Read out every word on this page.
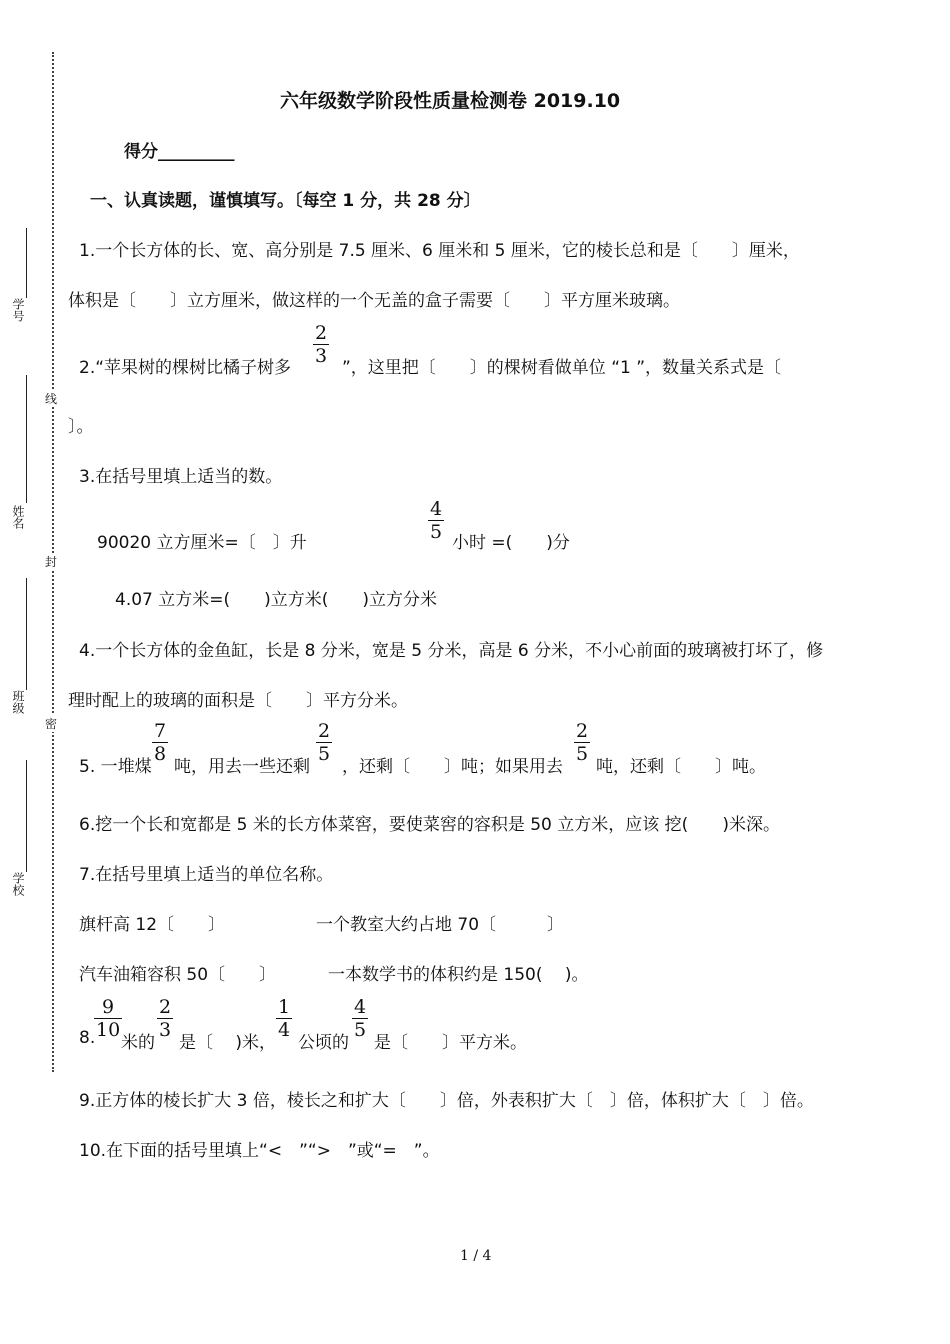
学号
姓名
班级
学校
线
封
密
六年级数学阶段性质量检测卷 2019.10
得分_________
一、认真读题，谨慎填写。〔每空 1 分，共 28 分〕
1.一个长方体的长、宽、高分别是 7.5 厘米、6 厘米和 5 厘米，它的棱长总和是〔　　〕厘米，
体积是〔　　〕立方厘米，做这样的一个无盖的盒子需要〔　　〕平方厘米玻璃。
2.“苹果树的棵树比橘子树多
$\frac{2}{3}$
”，这里把〔　　〕的棵树看做单位 “1 ”，数量关系式是〔
〕。
3.在括号里填上适当的数。
90020 立方厘米=〔　〕升	$\frac{4}{5}$ 小时 =(　　)分
4.07 立方米=(　　)立方米(　　)立方分米
4.一个长方体的金鱼缸，长是 8 分米，宽是 5 分米，高是 6 分米，不小心前面的玻璃被打坏了，修
理时配上的玻璃的面积是〔　　〕平方分米。
5. 一堆煤
$\frac{7}{8}$
吨，用去一些还剩
$\frac{2}{5}$
，还剩〔　　〕吨；如果用去
$\frac{2}{5}$
吨，还剩〔　　〕吨。
6.挖一个长和宽都是 5 米的长方体菜窖，要使菜窖的容积是 50 立方米，应该 挖(　　)米深。
7.在括号里填上适当的单位名称。
旗杆高 12〔　　〕	一个教室大约占地 70〔　　　〕
汽车油箱容积 50〔　　〕	一本数学书的体积约是 150(　 )。
8.
$\frac{9}{10}$
米的
$\frac{2}{3}$
是〔　 )米，
$\frac{1}{4}$
公顷的
$\frac{4}{5}$
是〔　　〕平方米。
9.正方体的棱长扩大 3 倍，棱长之和扩大〔　　〕倍，外表积扩大〔　〕倍，体积扩大〔　〕倍。
10.在下面的括号里填上“<　”“>　”或“=　”。
1 / 4
